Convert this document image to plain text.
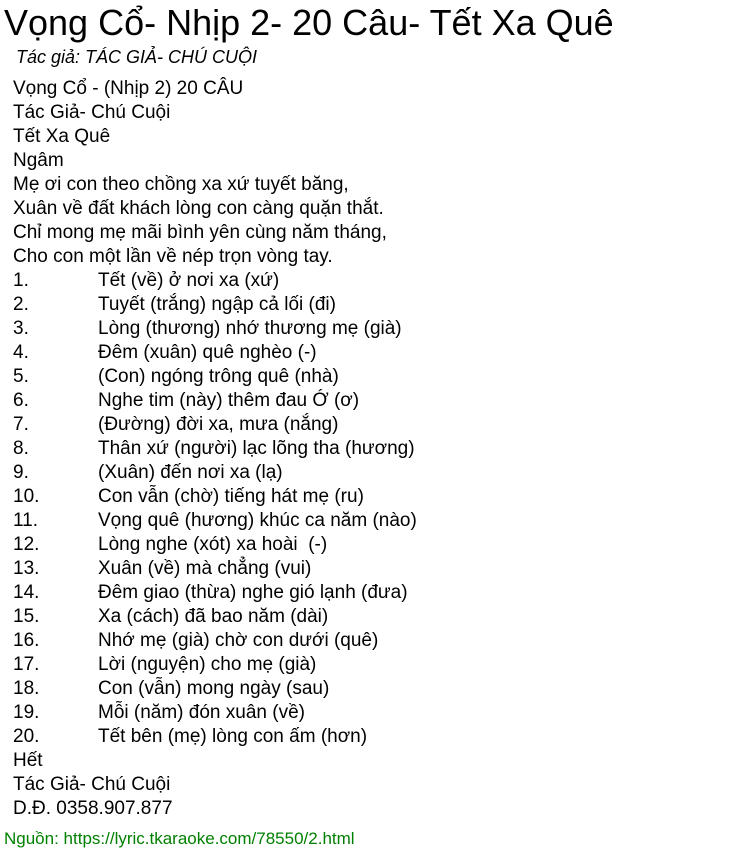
Vọng Cổ- Nhịp 2- 20 Câu- Tết Xa Quê
Tác giả: TÁC GIẢ- CHÚ CUỘI
Vọng Cổ - (Nhịp 2) 20 CÂU
Tác Giả- Chú Cuội
Tết Xa Quê
Ngâm
Mẹ ơi con theo chồng xa xứ tuyết băng,
Xuân về đất khách lòng con càng quặn thắt.
Chỉ mong mẹ mãi bình yên cùng năm tháng,
Cho con một lần về nép trọn vòng tay.
1.	Tết (về) ở nơi xa (xứ)
2.	Tuyết (trắng) ngập cả lối (đi)
3.	Lòng (thương) nhớ thương mẹ (già)
4.	Đêm (xuân) quê nghèo (-)
5.	(Con) ngóng trông quê (nhà)
6.	Nghe tim (này) thêm đau Ớ (ơ)
7.	(Đường) đời xa, mưa (nắng)
8.	Thân xứ (người) lạc lõng tha (hương)
9.	(Xuân) đến nơi xa (lạ)
10.	Con vẫn (chờ) tiếng hát mẹ (ru)
11.	Vọng quê (hương) khúc ca năm (nào)
12.	Lòng nghe (xót) xa hoài  (-)
13.	Xuân (về) mà chẳng (vui)
14.	Đêm giao (thừa) nghe gió lạnh (đưa)
15.	Xa (cách) đã bao năm (dài)
16.	Nhớ mẹ (già) chờ con dưới (quê)
17.	Lời (nguyện) cho mẹ (già)
18.	Con (vẫn) mong ngày (sau)
19.	Mỗi (năm) đón xuân (về)
20.	Tết bên (mẹ) lòng con ấm (hơn)
Hết
Tác Giả- Chú Cuội
D.Đ. 0358.907.877
Nguồn: https://lyric.tkaraoke.com/78550/2.html
